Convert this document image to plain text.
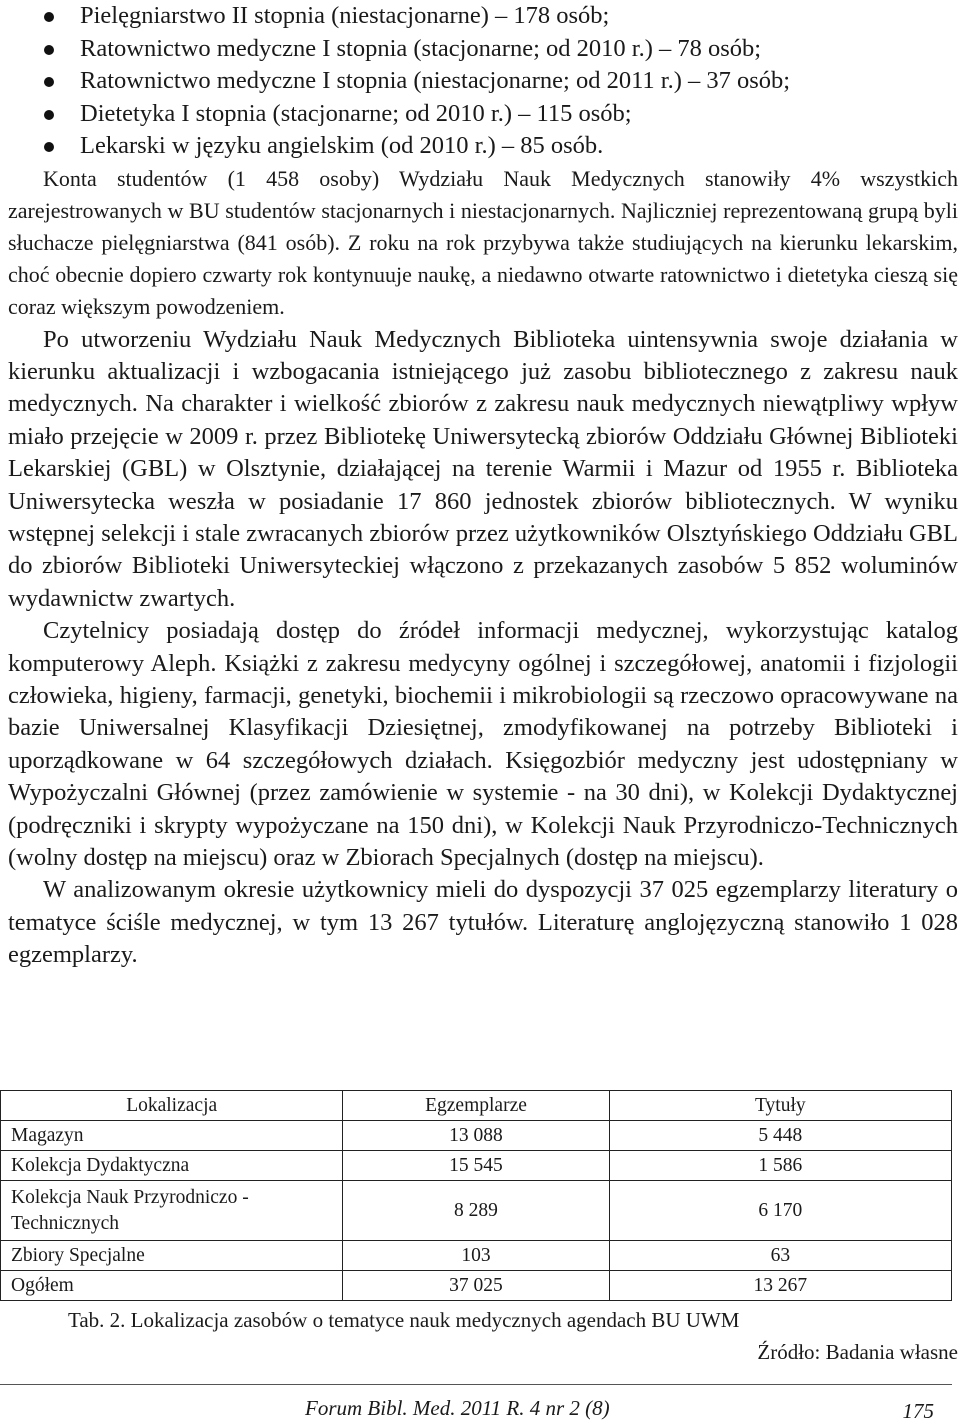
Pielęgniarstwo II stopnia (niestacjonarne) – 178 osób;
Ratownictwo medyczne I stopnia (stacjonarne; od 2010 r.) – 78 osób;
Ratownictwo medyczne I stopnia (niestacjonarne; od 2011 r.) – 37 osób;
Dietetyka I stopnia (stacjonarne; od 2010 r.) – 115 osób;
Lekarski w języku angielskim (od 2010 r.) – 85 osób.

Konta studentów (1 458 osoby) Wydziału Nauk Medycznych stanowiły 4% wszystkich zarejestrowanych w BU studentów stacjonarnych i niestacjonarnych. Najliczniej reprezentowaną grupą byli słuchacze pielęgniarstwa (841 osób). Z roku na rok przybywa także studiujących na kierunku lekarskim, choć obecnie dopiero czwarty rok kontynuuje naukę, a niedawno otwarte ratownictwo i dietetyka cieszą się coraz większym powodzeniem.

Po utworzeniu Wydziału Nauk Medycznych Biblioteka uintensywnia swoje działania w kierunku aktualizacji i wzbogacania istniejącego już zasobu bibliotecznego z zakresu nauk medycznych. Na charakter i wielkość zbiorów z zakresu nauk medycznych niewątpliwy wpływ miało przejęcie w 2009 r. przez Bibliotekę Uniwersytecką zbiorów Oddziału Głównej Biblioteki Lekarskiej (GBL) w Olsztynie, działającej na terenie Warmii i Mazur od 1955 r. Biblioteka Uniwersytecka weszła w posiadanie 17 860 jednostek zbiorów bibliotecznych. W wyniku wstępnej selekcji i stale zwracanych zbiorów przez użytkowników Olsztyńskiego Oddziału GBL do zbiorów Biblioteki Uniwersyteckiej włączono z przekazanych zasobów 5 852 woluminów wydawnictw zwartych.

Czytelnicy posiadają dostęp do źródeł informacji medycznej, wykorzystując katalog komputerowy Aleph. Książki z zakresu medycyny ogólnej i szczegółowej, anatomii i fizjologii człowieka, higieny, farmacji, genetyki, biochemii i mikrobiologii są rzeczowo opracowywane na bazie Uniwersalnej Klasyfikacji Dziesiętnej, zmodyfikowanej na potrzeby Biblioteki i uporządkowane w 64 szczegółowych działach. Księgozbiór medyczny jest udostępniany w Wypożyczalni Głównej (przez zamówienie w systemie - na 30 dni), w Kolekcji Dydaktycznej (podręczniki i skrypty wypożyczane na 150 dni), w Kolekcji Nauk Przyrodniczo-Technicznych (wolny dostęp na miejscu) oraz w Zbiorach Specjalnych (dostęp na miejscu).

W analizowanym okresie użytkownicy mieli do dyspozycji 37 025 egzemplarzy literatury o tematyce ściśle medycznej, w tym 13 267 tytułów. Literaturę anglojęzyczną stanowiło 1 028 egzemplarzy.

Lokalizacja	Egzemplarze	Tytuły
Magazyn	13 088	5 448
Kolekcja Dydaktyczna	15 545	1 586
Kolekcja Nauk Przyrodniczo -Technicznych	8 289	6 170
Zbiory Specjalne	103	63
Ogółem	37 025	13 267
Tab. 2. Lokalizacja zasobów o tematyce nauk medycznych agendach BU UWM
Źródło: Badania własne
Forum Bibl. Med. 2011 R. 4 nr 2 (8)	175
